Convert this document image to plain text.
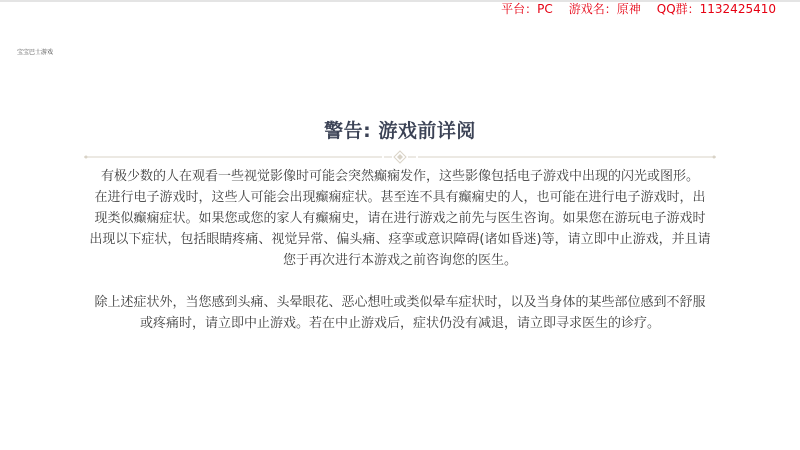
平台：PC 游戏名：原神 QQ群：1132425410
宝宝巴士游戏
警告: 游戏前详阅

有极少数的人在观看一些视觉影像时可能会突然癫痫发作，这些影像包括电子游戏中出现的闪光或图形。
在进行电子游戏时，这些人可能会出现癫痫症状。甚至连不具有癫痫史的人，也可能在进行电子游戏时，出
现类似癫痫症状。如果您或您的家人有癫痫史，请在进行游戏之前先与医生咨询。如果您在游玩电子游戏时
出现以下症状，包括眼睛疼痛、视觉异常、偏头痛、痉挛或意识障碍(诸如昏迷)等，请立即中止游戏，并且请
您于再次进行本游戏之前咨询您的医生。

除上述症状外，当您感到头痛、头晕眼花、恶心想吐或类似晕车症状时，以及当身体的某些部位感到不舒服
或疼痛时，请立即中止游戏。若在中止游戏后，症状仍没有减退，请立即寻求医生的诊疗。
